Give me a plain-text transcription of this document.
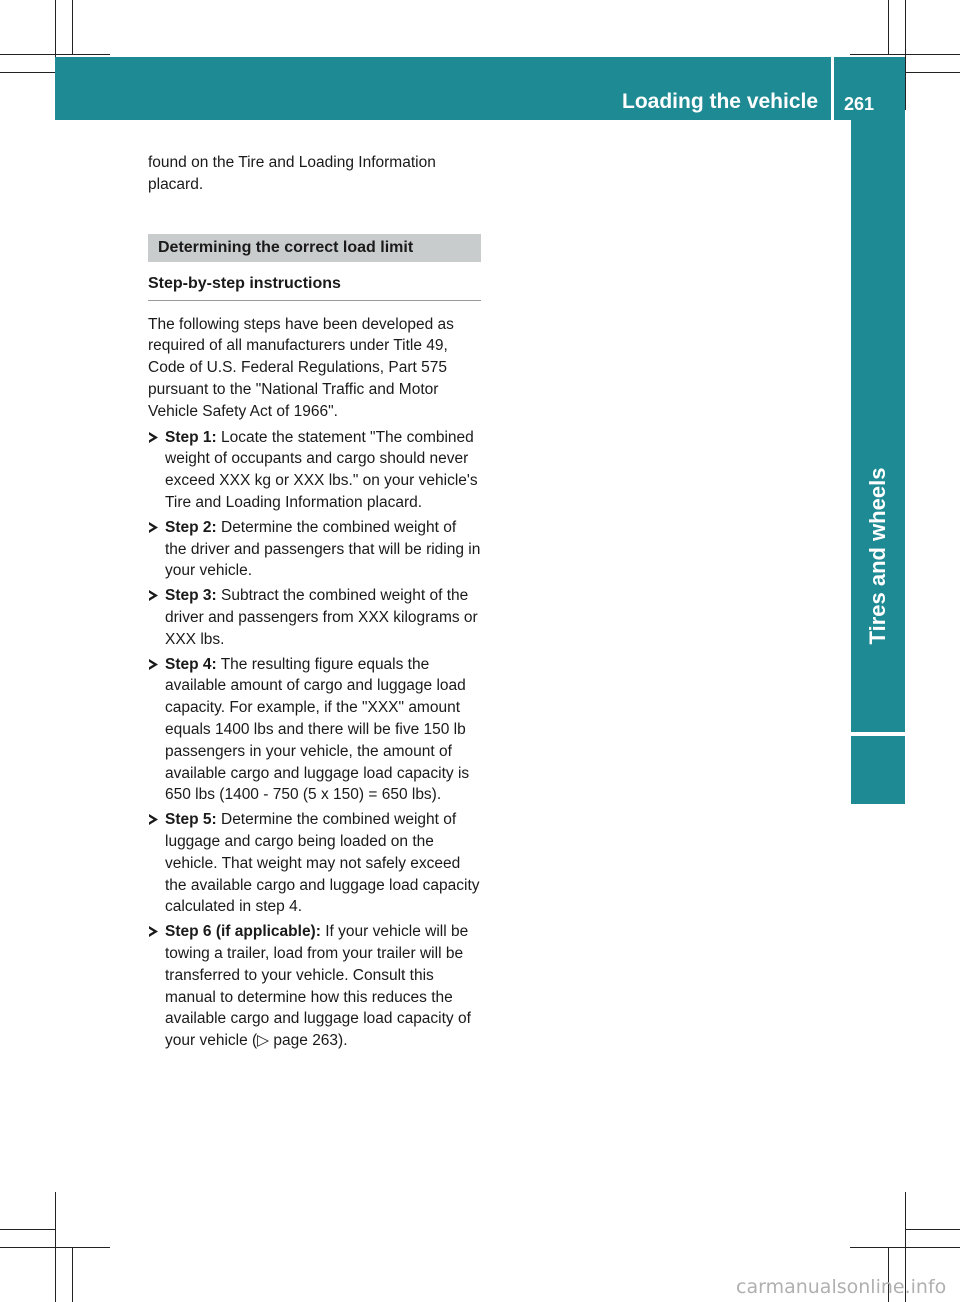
Loading the vehicle 261
Tires and wheels

found on the Tire and Loading Information placard.

Determining the correct load limit
Step-by-step instructions

The following steps have been developed as required of all manufacturers under Title 49, Code of U.S. Federal Regulations, Part 575 pursuant to the "National Traffic and Motor Vehicle Safety Act of 1966".

Step 1: Locate the statement "The combined weight of occupants and cargo should never exceed XXX kg or XXX lbs." on your vehicle's Tire and Loading Information placard.
Step 2: Determine the combined weight of the driver and passengers that will be riding in your vehicle.
Step 3: Subtract the combined weight of the driver and passengers from XXX kilograms or XXX lbs.
Step 4: The resulting figure equals the available amount of cargo and luggage load capacity. For example, if the "XXX" amount equals 1400 lbs and there will be five 150 lb passengers in your vehicle, the amount of available cargo and luggage load capacity is 650 lbs (1400 - 750 (5 x 150) = 650 lbs).
Step 5: Determine the combined weight of luggage and cargo being loaded on the vehicle. That weight may not safely exceed the available cargo and luggage load capacity calculated in step 4.
Step 6 (if applicable): If your vehicle will be towing a trailer, load from your trailer will be transferred to your vehicle. Consult this manual to determine how this reduces the available cargo and luggage load capacity of your vehicle (▷ page 263).
carmanualsonline.info
